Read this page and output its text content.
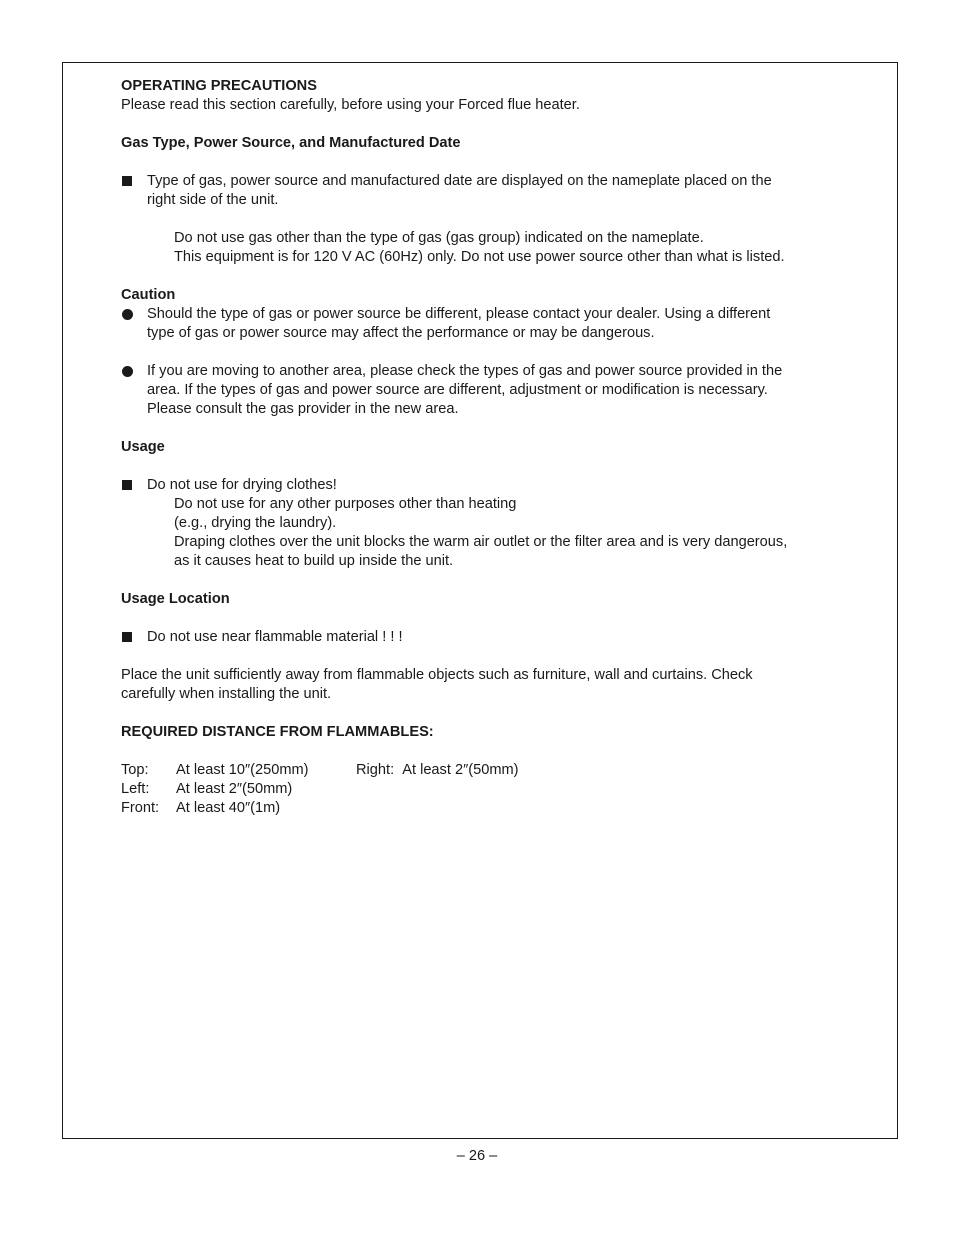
OPERATING PRECAUTIONS
Please read this section carefully, before using your Forced flue heater.
Gas Type, Power Source, and Manufactured Date
Type of gas, power source and manufactured date are displayed on the nameplate placed on the
right side of the unit.
Do not use gas other than the type of gas (gas group) indicated on the nameplate.
This equipment is for 120 V AC (60Hz) only. Do not use power source other than what is listed.
Caution
Should the type of gas or power source be different, please contact your dealer. Using a different
type of gas or power source may affect the performance or may be dangerous.
If you are moving to another area, please check the types of gas and power source provided in the
area. If the types of gas and power source are different, adjustment or modification is necessary.
Please consult the gas provider in the new area.
Usage
Do not use for drying clothes!
Do not use for any other purposes other than heating
(e.g., drying the laundry).
Draping clothes over the unit blocks the warm air outlet or the filter area and is very dangerous,
as it causes heat to build up inside the unit.
Usage Location
Do not use near flammable material ! ! !
Place the unit sufficiently away from flammable objects such as furniture, wall and curtains. Check
carefully when installing the unit.
REQUIRED DISTANCE FROM FLAMMABLES:
Top:	At least 10″(250mm)	Right: At least 2″(50mm)
Left:	At least 2″(50mm)	
Front:	At least 40″(1m)	
– 26 –
